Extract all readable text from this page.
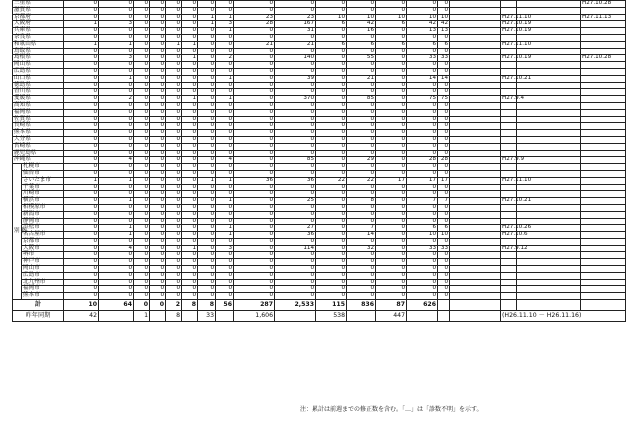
三重県		0	0	0	0	0	0	0	0	0	0	0	0	0	0	0				H27.10.28
滋賀県		0	0	0	0	0	0	0	0	0	0	0	0	0	0	0				
京都府		0	0	0	0	0	0	1	1	23	23	10	10	10	10	10		H27.11.10		H27.11.13
大阪府		1	3	0	0	0	0	1	3	28	167	6	42	6	42	42		H27.10.19		
兵庫県		0	0	0	0	0	0	0	1	0	31	0	16	0	13	13		H27.10.19		
奈良県		0	0	0	0	0	0	0	0	0	0	0	0	0	0	0				
和歌山県		1	1	0	0	1	1	0	0	21	21	6	6	6	6	6		H27.11.10		
鳥取県		0	0	0	0	0	0	0	0	0	0	0	0	0	0	0				
島根県		0	3	0	0	0	1	0	2	0	140	0	55	0	33	33		H27.10.19		H27.10.28
岡山県		0	0	0	0	0	0	0	0	0	0	0	0	0	0	0				
広島県		0	0	0	0	0	0	0	0	0	0	0	0	0	0	0				
山口県		0	1	0	0	0	0	0	1	0	39	0	21	0	14	14		H27.10.21		
徳島県		0	0	0	0	0	0	0	0	0	0	0	0	0	0	0				
香川県		0	0	0	0	0	0	0	0	0	0	0	0	0	0	0				
愛媛県		0	2	0	0	0	1	0	1	0	370	0	85	0	75	75		H27.9.4		
高知県		0	0	0	0	0	0	0	0	0	0	0	0	0	0	0				
福岡県		0	0	0	0	0	0	0	0	0	0	0	0	0	0	0				
佐賀県		0	0	0	0	0	0	0	0	0	0	0	0	0	0	0				
長崎県		0	0	0	0	0	0	0	0	0	0	0	0	0	0	0				
熊本県		0	0	0	0	0	0	0	0	0	0	0	0	0	0	0				
大分県		0	0	0	0	0	0	0	0	0	0	0	0	0	0	0				
宮崎県		0	0	0	0	0	0	0	0	0	0	0	0	0	0	0				
鹿児島県		0	0	0	0	0	0	0	0	0	0	0	0	0	0	0				
沖縄県		0	4	0	0	0	0	0	4	0	85	0	29	0	28	28		H27.9.9		
別 掲	札幌市	0	0	0	0	0	0	0	0	0	0	0	0	0	0	0				
	仙台市	0	0	0	0	0	0	0	0	0	0	0	0	0	0	0				
	さいたま市	1	1	0	0	0	0	1	1	36	36	22	22	17	17	17		H27.11.10		
	千葉市	0	0	0	0	0	0	0	0	0	0	0	0	0	0	0				
	川崎市	0	0	0	0	0	0	0	0	0	0	0	0	0	0	0				
	横浜市	0	1	0	0	0	0	0	1	0	25	0	8	0	7	7		H27.10.21		
	相模原市	0	0	0	0	0	0	0	0	0	0	0	0	0	0	0				
	新潟市	0	0	0	0	0	0	0	0	0	0	0	0	0	0	0				
	静岡市	0	0	0	0	0	0	0	0	0	0	0	0	0	0	0				
	浜松市	0	1	0	0	0	0	0	1	0	27	0	7	0	6	6		H27.10.26		
	名古屋市	0	1	0	0	0	0	0	1	0	36	0	14	0	10	10		H27.10.6		
	京都市	0	0	0	0	0	0	0	0	0	0	0	0	0	0	0				
	大阪市	0	4	0	0	0	1	0	3	0	114	0	32	0	33	33		H27.9.12		
	堺市	0	0	0	0	0	0	0	0	0	0	0	0	0	0	0				
	神戸市	0	0	0	0	0	0	0	0	0	0	0	0	0	0	0				
	岡山市	0	0	0	0	0	0	0	0	0	0	0	0	0	0	0				
	広島市	0	0	0	0	0	0	0	0	0	0	0	0	0	0	0				
	北九州市	0	0	0	0	0	0	0	0	0	0	0	0	0	0	0				
	福岡市	0	0	0	0	0	0	0	0	0	0	0	0	0	0	0				
	熊本市	0	0	0	0	0	0	0	0	0	0	0	0	0	0	0				
計		10	64	0	0	2	8	8	56	287	2,533	115	836	87	626					
昨年同期		42		1		8		33		1,606		538		447				(H26.11.10 － H26.11.16)		
注：累計は前週までの修正数を含む。「…」は「診数不明」を示す。
